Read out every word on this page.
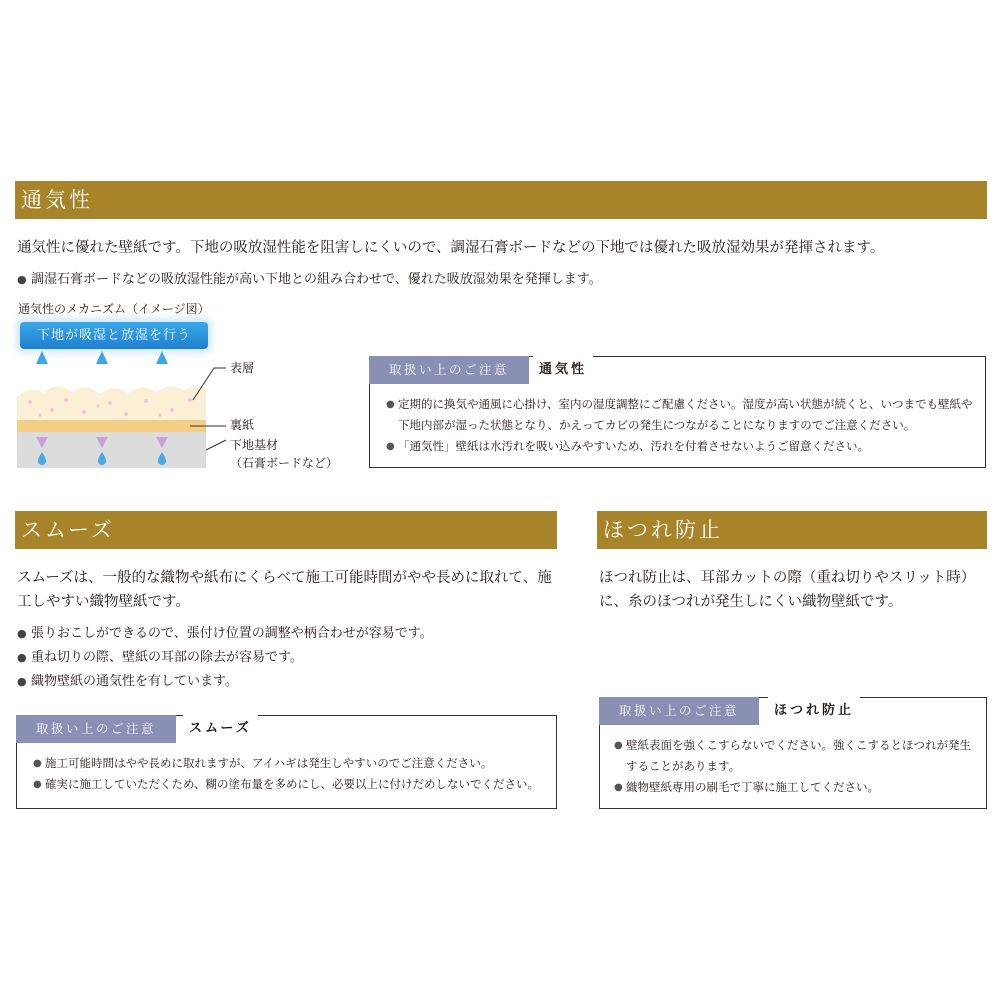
通気性

通気性に優れた壁紙です。下地の吸放湿性能を阻害しにくいので、調湿石膏ボードなどの下地では優れた吸放湿効果が発揮されます。

● 調湿石膏ボードなどの吸放湿性能が高い下地との組み合わせで、優れた吸放湿効果を発揮します。
通気性のメカニズム（イメージ図）
下地が吸湿と放湿を行う
表層
裏紙
下地基材
（石膏ボードなど）
取扱い上のご注意	通気性
● 定期的に換気や通風に心掛け、室内の湿度調整にご配慮ください。湿度が高い状態が続くと、いつまでも壁紙や下地内部が湿った状態となり、かえってカビの発生につながることになりますのでご注意ください。
● 「通気性」壁紙は水汚れを吸い込みやすいため、汚れを付着させないようご留意ください。
スムーズ

スムーズは、一般的な織物や紙布にくらべて施工可能時間がやや長めに取れて、施工しやすい織物壁紙です。

● 張りおこしができるので、張付け位置の調整や柄合わせが容易です。
● 重ね切りの際、壁紙の耳部の除去が容易です。
● 織物壁紙の通気性を有しています。
取扱い上のご注意	スムーズ
● 施工可能時間はやや長めに取れますが、アイハギは発生しやすいのでご注意ください。
● 確実に施工していただくため、糊の塗布量を多めにし、必要以上に付けだめしないでください。
ほつれ防止

ほつれ防止は、耳部カットの際（重ね切りやスリット時）に、糸のほつれが発生しにくい織物壁紙です。

取扱い上のご注意	ほつれ防止
● 壁紙表面を強くこすらないでください。強くこするとほつれが発生することがあります。
● 織物壁紙専用の刷毛で丁寧に施工してください。
